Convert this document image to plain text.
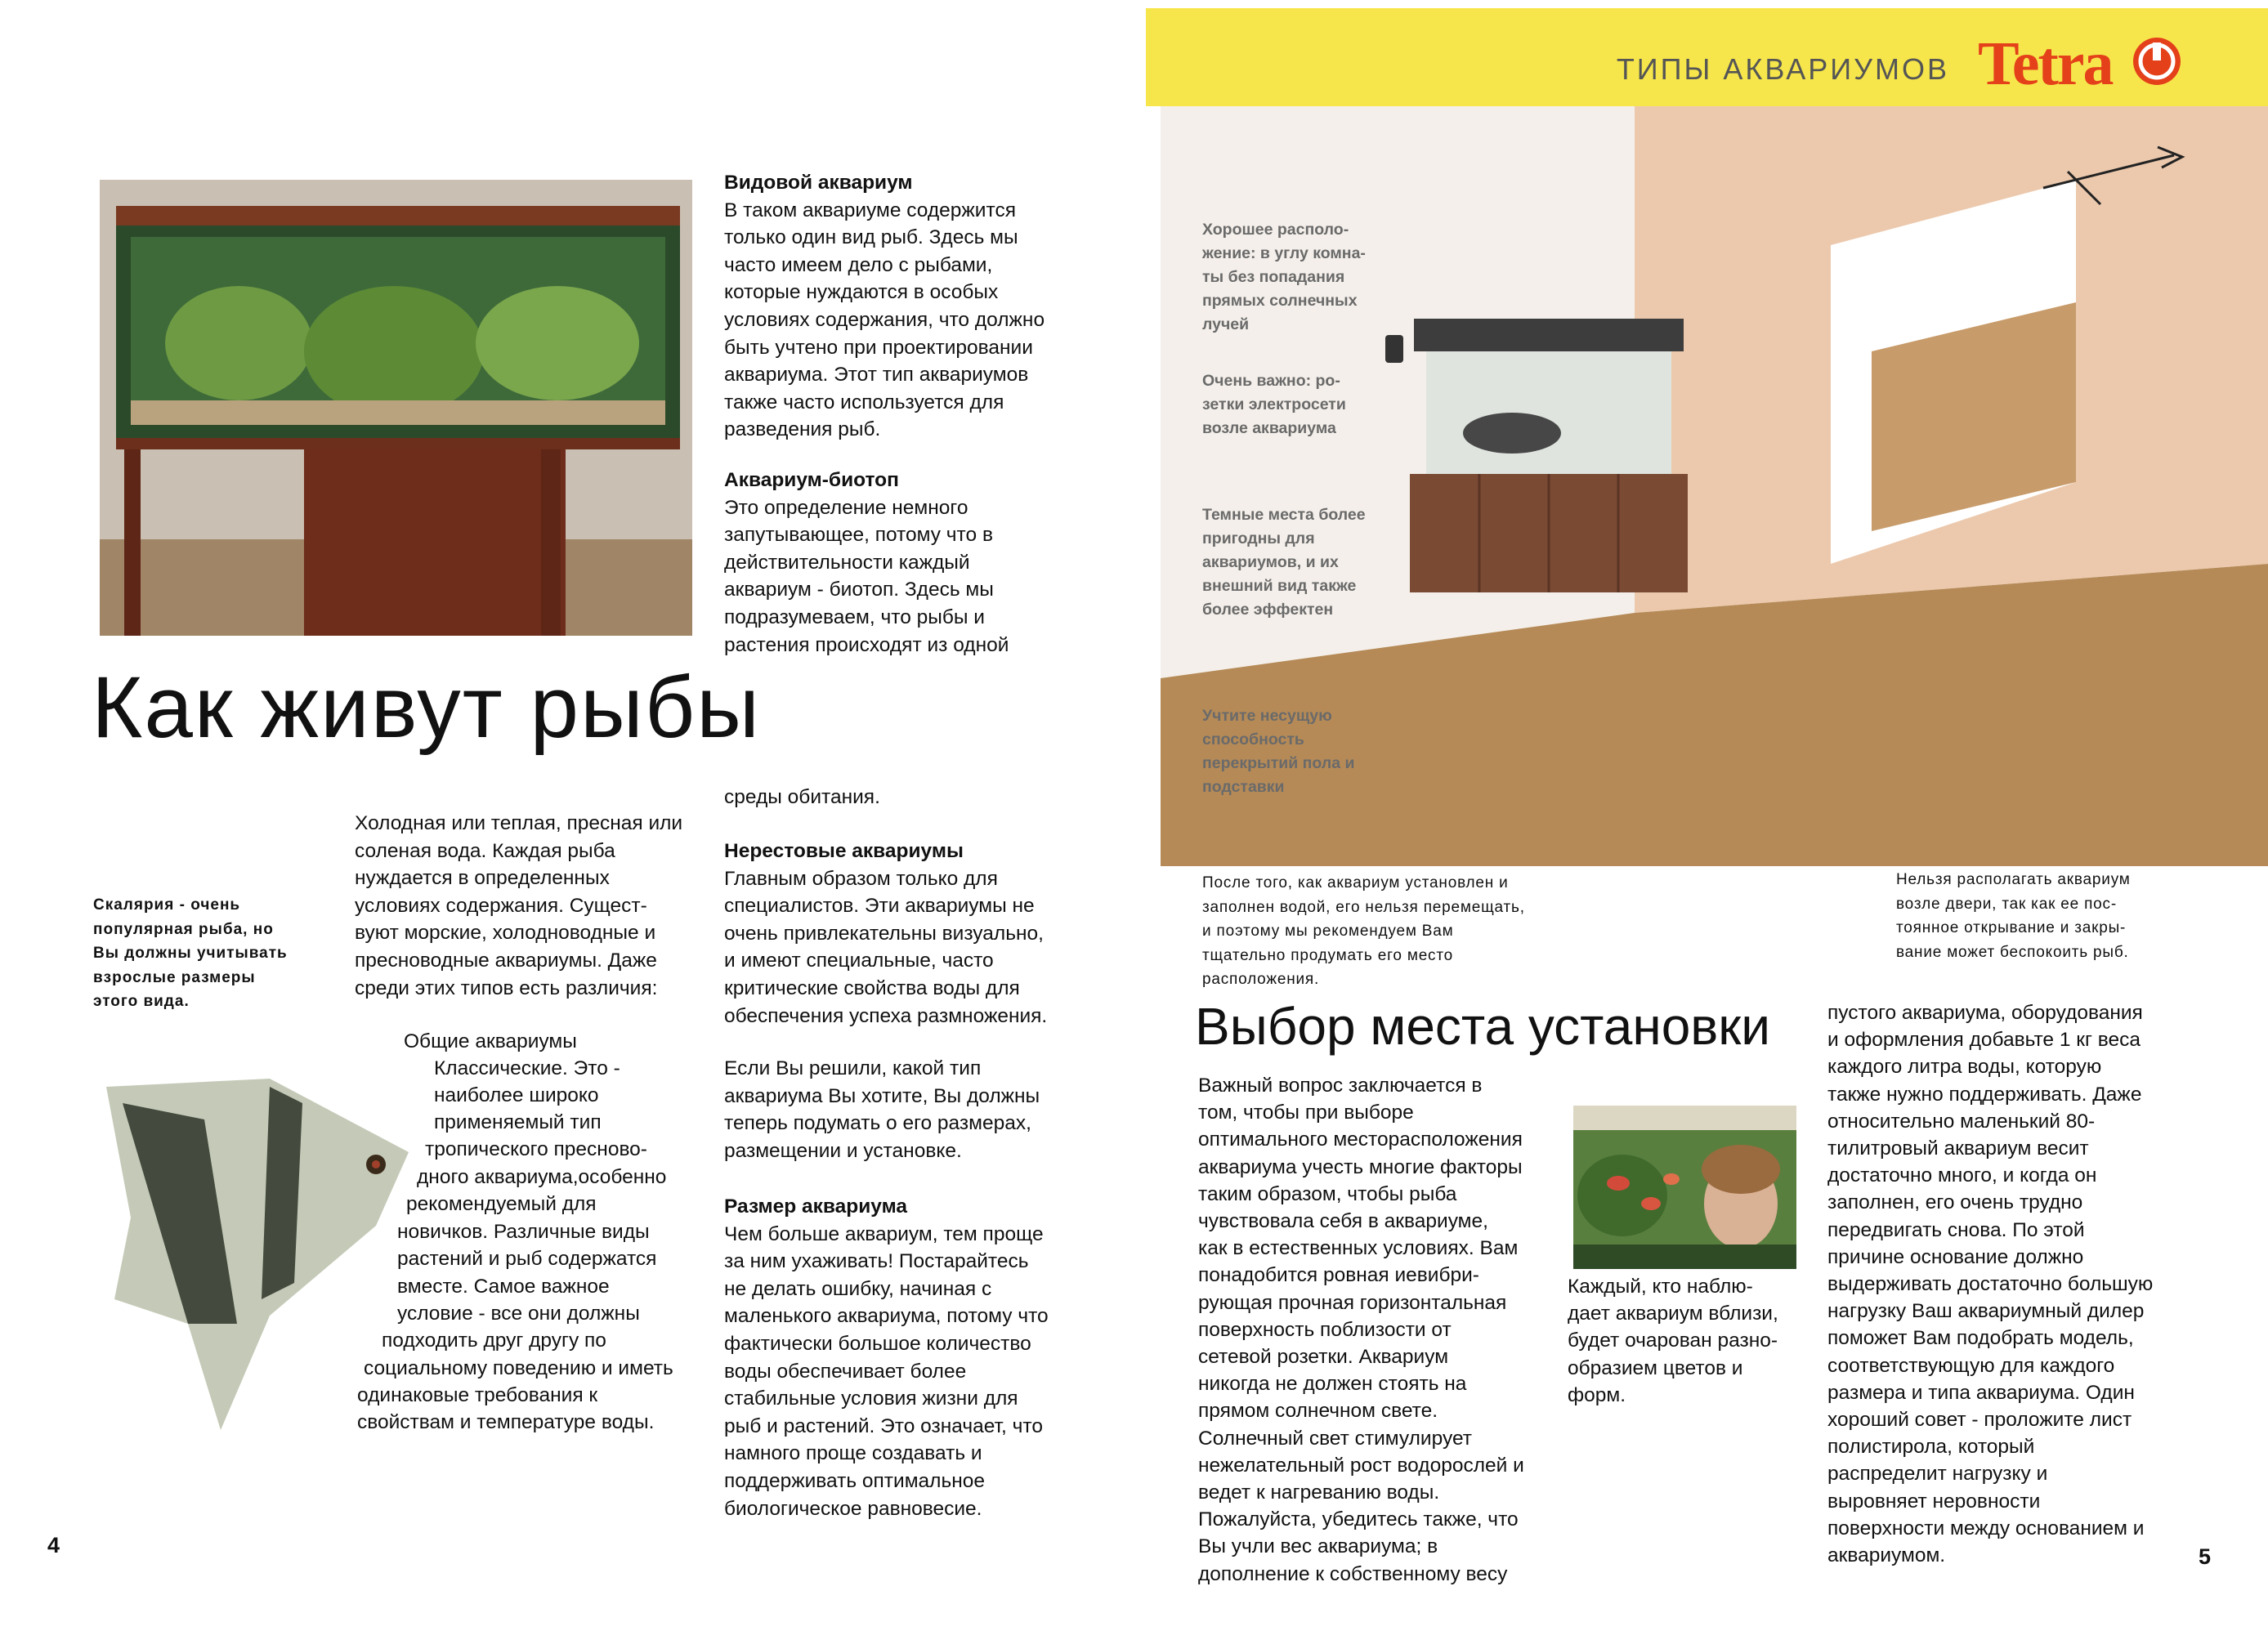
ТИПЫ АКВАРИУМОВ Tetra
Хорошее располо-
жение: в углу комна-
ты без попадания
прямых солнечных
лучей
Очень важно: ро-
зетки электросети
возле аквариума
Темные места более
пригодны для
аквариумов, и их
внешний вид также
более эффектен
Учтите несущую
способность
перекрытий пола и
подставки
Видовой аквариум
В таком аквариуме содержится
только один вид рыб. Здесь мы
часто имеем дело с рыбами,
которые нуждаются в особых
условиях содержания, что должно
быть учтено при проектировании
аквариума. Этот тип аквариумов
также часто используется для
разведения рыб.
Аквариум-биотоп
Это определение немного
запутывающее, потому что в
действительности каждый
аквариум - биотоп. Здесь мы
подразумеваем, что рыбы и
растения происходят из одной
Как живут рыбы
среды обитания.
Нерестовые аквариумы
Главным образом только для
специалистов. Эти аквариумы не
очень привлекательны визуально,
и имеют специальные, часто
критические свойства воды для
обеспечения успеха размножения.
Если Вы решили, какой тип
аквариума Вы хотите, Вы должны
теперь подумать о его размерах,
размещении и установке.
Размер аквариума
Чем больше аквариум, тем проще
за ним ухаживать! Постарайтесь
не делать ошибку, начиная с
маленького аквариума, потому что
фактически большое количество
воды обеспечивает более
стабильные условия жизни для
рыб и растений. Это означает, что
намного проще создавать и
поддерживать оптимальное
биологическое равновесие.
Холодная или теплая, пресная или
соленая вода. Каждая рыба
нуждается в определенных
условиях содержания. Сущест-
вуют морские, холодноводные и
пресноводные аквариумы. Даже
среди этих типов есть различия:
Скалярия - очень
популярная рыба, но
Вы должны учитывать
взрослые размеры
этого вида.
Общие аквариумы
Классические. Это -
наиболее широко
применяемый тип
тропического пресново-
дного аквариума,особенно
рекомендуемый для
новичков. Различные виды
растений и рыб содержатся
вместе. Самое важное
условие - все они должны
подходить друг другу по
социальному поведению и иметь
одинаковые требования к
свойствам и температуре воды.
4
После того, как аквариум установлен и
заполнен водой, его нельзя перемещать,
и поэтому мы рекомендуем Вам
тщательно продумать его место
расположения.
Нельзя располагать аквариум
возле двери, так как ее пос-
тоянное открывание и закры-
вание может беспокоить рыб.
Выбор места установки
Важный вопрос заключается в
том, чтобы при выборе
оптимального месторасположения
аквариума учесть многие факторы
таким образом, чтобы рыба
чувствовала себя в аквариуме,
как в естественных условиях. Вам
понадобится ровная иевибри-
рующая прочная горизонтальная
поверхность поблизости от
сетевой розетки. Аквариум
никогда не должен стоять на
прямом солнечном свете.
Солнечный свет стимулирует
нежелательный рост водорослей и
ведет к нагреванию воды.
Пожалуйста, убедитесь также, что
Вы учли вес аквариума; в
дополнение к собственному весу
Каждый, кто наблю-
дает аквариум вблизи,
будет очарован разно-
образием цветов и
форм.
пустого аквариума, оборудования
и оформления добавьте 1 кг веса
каждого литра воды, которую
также нужно поддерживать. Даже
относительно маленький 80-
тилитровый аквариум весит
достаточно много, и когда он
заполнен, его очень трудно
передвигать снова. По этой
причине основание должно
выдерживать достаточно большую
нагрузку Ваш аквариумный дилер
поможет Вам подобрать модель,
соответствующую для каждого
размера и типа аквариума. Один
хороший совет - проложите лист
полистирола, который
распределит нагрузку и
выровняет неровности
поверхности между основанием и
аквариумом.	5
